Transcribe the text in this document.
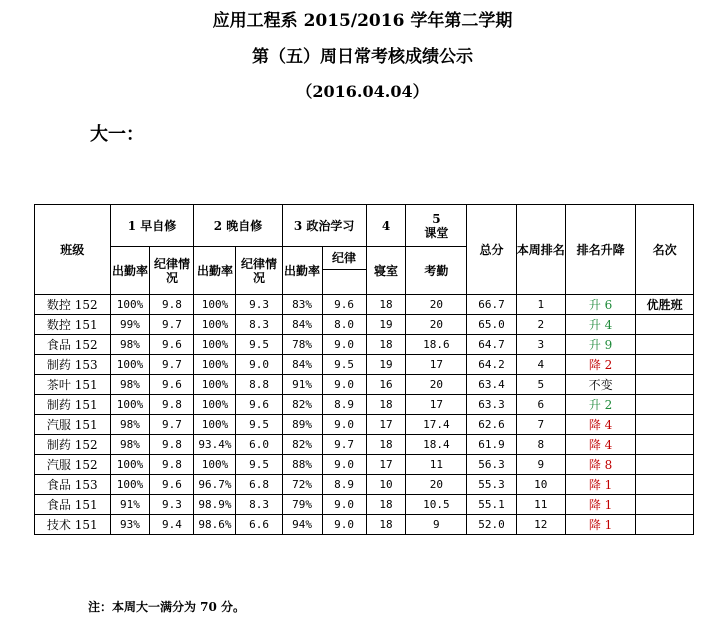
应用工程系 2015/2016 学年第二学期
第（五）周日常考核成绩公示
（2016.04.04）
大一：
班级	1 早自修		2 晚自修		3 政治学习		4	5
课堂	总分	本周排名	排名升降	名次
	出勤率	纪律情况	出勤率	纪律情况	出勤率	纪律	寝室	考勤				
数控 152	100%	9.8	100%	9.3	83%	9.6	18	20	66.7	1	升 6	优胜班
数控 151	99%	9.7	100%	8.3	84%	8.0	19	20	65.0	2	升 4	
食品 152	98%	9.6	100%	9.5	78%	9.0	18	18.6	64.7	3	升 9	
制药 153	100%	9.7	100%	9.0	84%	9.5	19	17	64.2	4	降 2	
茶叶 151	98%	9.6	100%	8.8	91%	9.0	16	20	63.4	5	不变	
制药 151	100%	9.8	100%	9.6	82%	8.9	18	17	63.3	6	升 2	
汽服 151	98%	9.7	100%	9.5	89%	9.0	17	17.4	62.6	7	降 4	
制药 152	98%	9.8	93.4%	6.0	82%	9.7	18	18.4	61.9	8	降 4	
汽服 152	100%	9.8	100%	9.5	88%	9.0	17	11	56.3	9	降 8	
食品 153	100%	9.6	96.7%	6.8	72%	8.9	10	20	55.3	10	降 1	
食品 151	91%	9.3	98.9%	8.3	79%	9.0	18	10.5	55.1	11	降 1	
技术 151	93%	9.4	98.6%	6.6	94%	9.0	18	9	52.0	12	降 1	
注：本周大一满分为 70 分。
